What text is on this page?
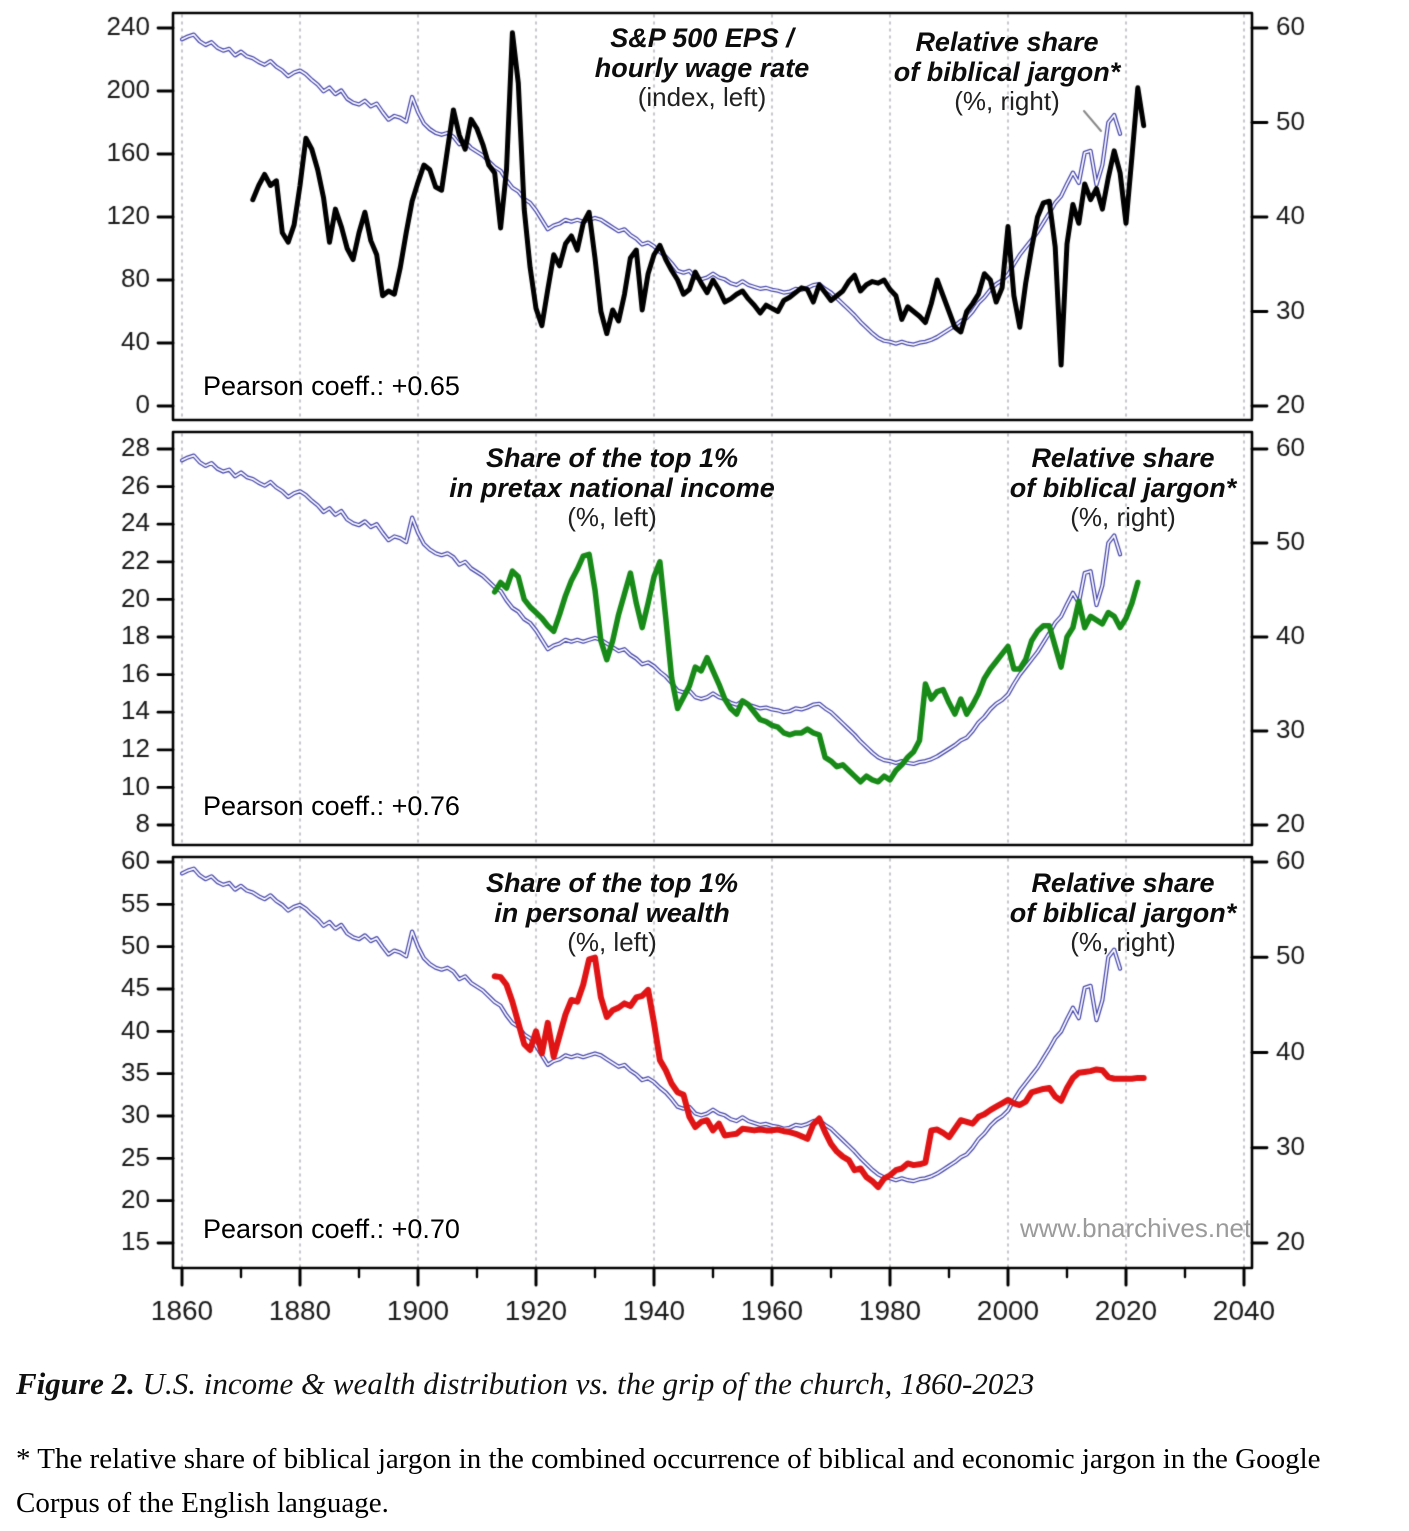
S&P 500 EPS /
hourly wage rate
(index, left)
Relative share
of biblical jargon*
(%, right)
Share of the top 1%
in pretax national income
(%, left)
Relative share
of biblical jargon*
(%, right)
Share of the top 1%
in personal wealth
(%, left)
Relative share
of biblical jargon*
(%, right)
Pearson coeff.: +0.65
Pearson coeff.: +0.76
Pearson coeff.: +0.70	www.bnarchives.net
Figure 2. U.S. income & wealth distribution vs. the grip of the church, 1860-2023
* The relative share of biblical jargon in the combined occurrence of biblical and economic jargon in the Google Corpus of the English language.
